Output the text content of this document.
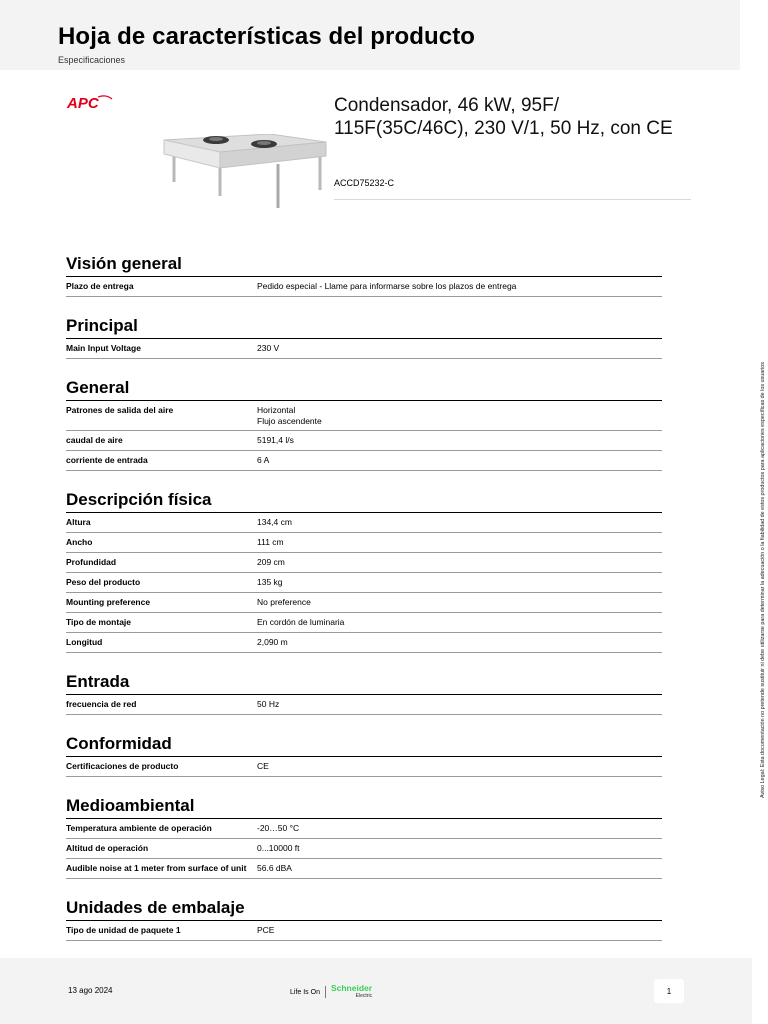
Hoja de características del producto
Especificaciones
APC	Condensador, 46 kW, 95F/ 115F(35C/46C), 230 V/1, 50 Hz, con CE
ACCD75232-C
Visión general
Plazo de entrega	Pedido especial - Llame para informarse sobre los plazos de entrega
Principal
Main Input Voltage	230 V
General
Patrones de salida del aire	Horizontal
Flujo ascendente
caudal de aire	5191,4 l/s
corriente de entrada	6 A
Descripción física
Altura	134,4 cm
Ancho	111 cm
Profundidad	209 cm
Peso del producto	135 kg
Mounting preference	No preference
Tipo de montaje	En cordón de luminaria
Longitud	2,090 m
Entrada
frecuencia de red	50 Hz
Conformidad
Certificaciones de producto	CE
Medioambiental
Temperatura ambiente de operación	-20…50 °C
Altitud de operación	0...10000 ft
Audible noise at 1 meter from surface of unit	56.6 dBA
Unidades de embalaje
Tipo de unidad de paquete 1	PCE
Aviso Legal: Esta documentación no pretende sustituir ni debe utilizarse para determinar la adecuación o la fiabilidad de estos productos para aplicaciones específicas de los usuarios
13 ago 2024	Life Is On Schneider
Electric
1
